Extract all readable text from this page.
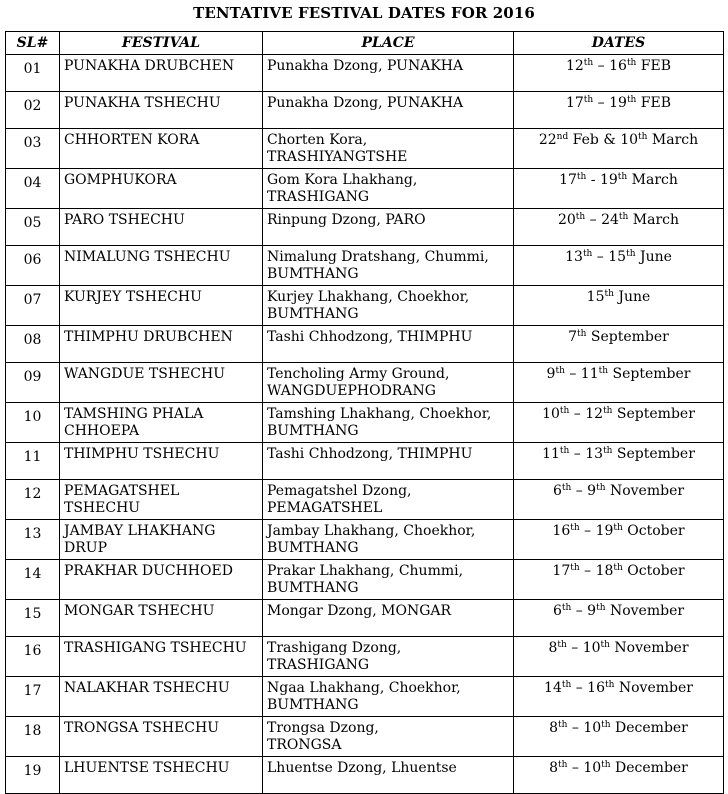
TENTATIVE FESTIVAL DATES FOR 2016
SL#	FESTIVAL	PLACE	DATES
01	PUNAKHA DRUBCHEN	Punakha Dzong, PUNAKHA	12th – 16th FEB
02	PUNAKHA TSHECHU	Punakha Dzong, PUNAKHA	17th – 19th FEB
03	CHHORTEN KORA	Chorten Kora,
TRASHIYANGTSHE	22nd Feb & 10th March
04	GOMPHUKORA	Gom Kora Lhakhang,
TRASHIGANG	17th - 19th March
05	PARO TSHECHU	Rinpung Dzong, PARO	20th – 24th March
06	NIMALUNG TSHECHU	Nimalung Dratshang, Chummi,
BUMTHANG	13th – 15th June
07	KURJEY TSHECHU	Kurjey Lhakhang, Choekhor,
BUMTHANG	15th June
08	THIMPHU DRUBCHEN	Tashi Chhodzong, THIMPHU	7th September
09	WANGDUE TSHECHU	Tencholing Army Ground,
WANGDUEPHODRANG	9th – 11th September
10	TAMSHING PHALA CHHOEPA	Tamshing Lhakhang, Choekhor,
BUMTHANG	10th – 12th September
11	THIMPHU TSHECHU	Tashi Chhodzong, THIMPHU	11th – 13th September
12	PEMAGATSHEL TSHECHU	Pemagatshel Dzong,
PEMAGATSHEL	6th – 9th November
13	JAMBAY LHAKHANG DRUP	Jambay Lhakhang, Choekhor,
BUMTHANG	16th – 19th October
14	PRAKHAR DUCHHOED	Prakar Lhakhang, Chummi,
BUMTHANG	17th – 18th October
15	MONGAR TSHECHU	Mongar Dzong, MONGAR	6th – 9th November
16	TRASHIGANG TSHECHU	Trashigang Dzong,
TRASHIGANG	8th – 10th November
17	NALAKHAR TSHECHU	Ngaa Lhakhang, Choekhor,
BUMTHANG	14th – 16th November
18	TRONGSA TSHECHU	Trongsa Dzong,
TRONGSA	8th – 10th December
19	LHUENTSE TSHECHU	Lhuentse Dzong, Lhuentse	8th – 10th December
